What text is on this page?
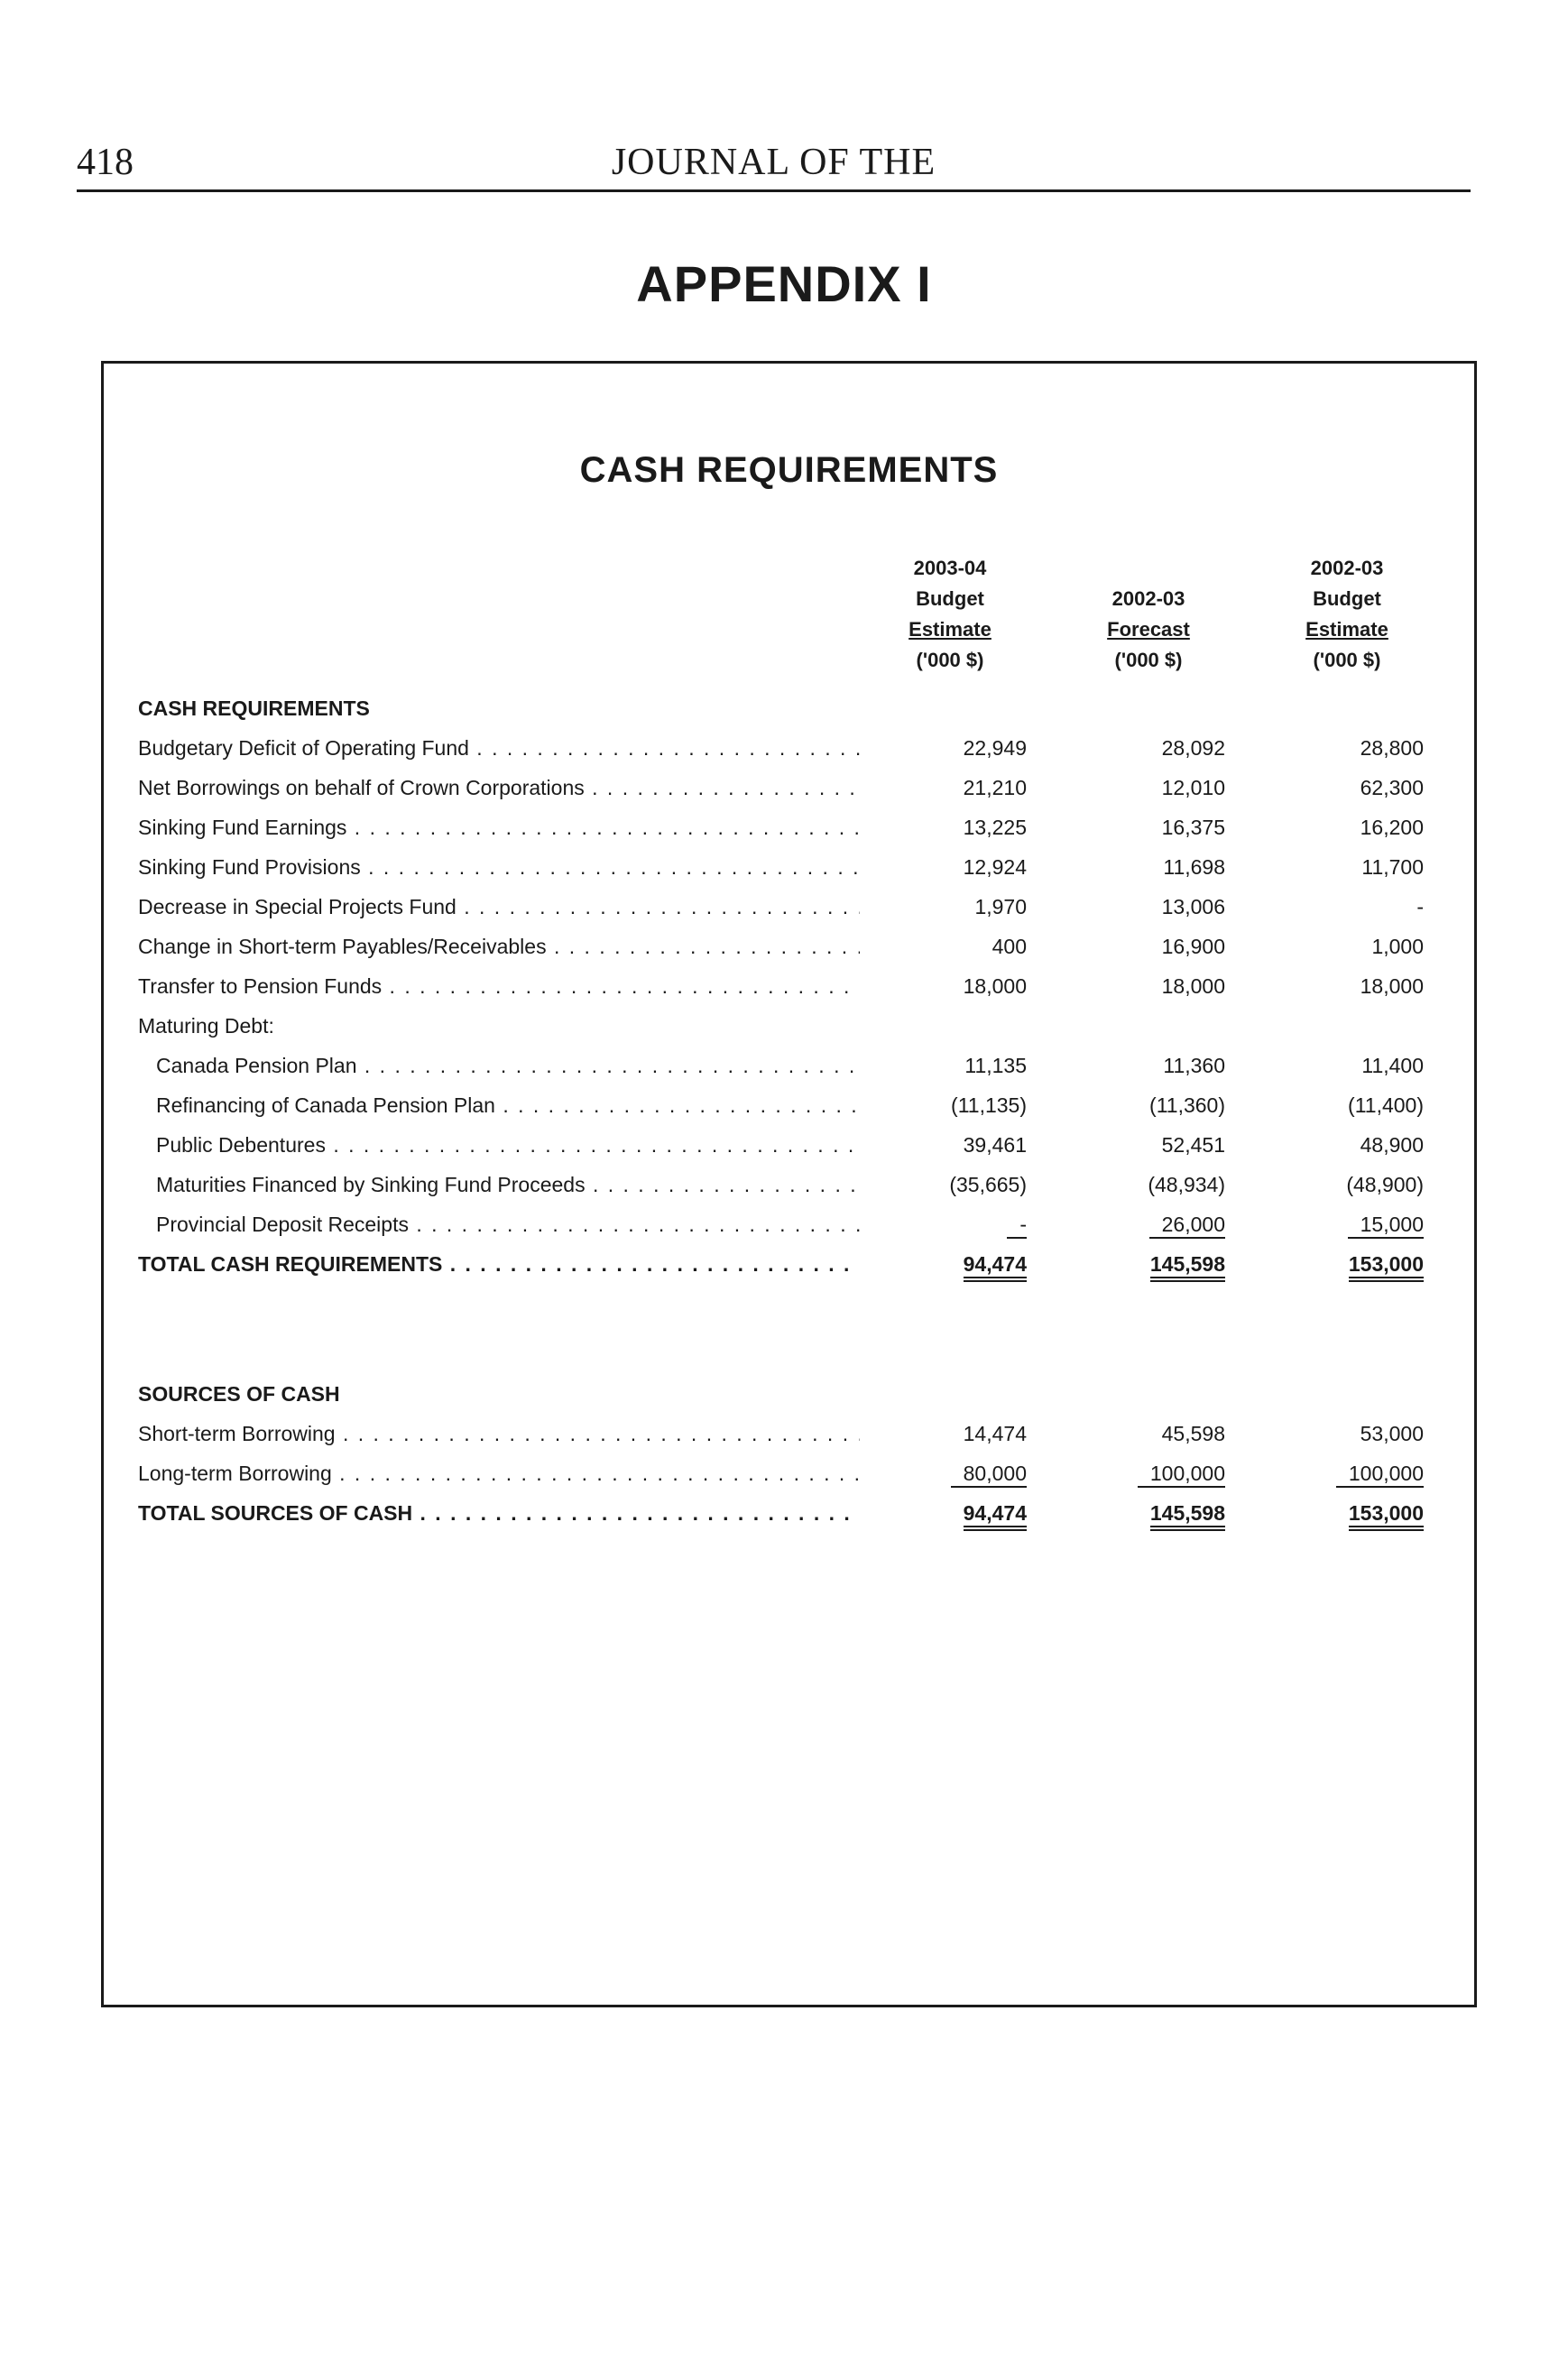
418	JOURNAL OF THE
APPENDIX I
CASH REQUIREMENTS
2003-04
Budget
Estimate
('000 $)
2002-03
Forecast
('000 $)
2002-03
Budget
Estimate
('000 $)
CASH REQUIREMENTS
Budgetary Deficit of Operating Fund . . .	22,949	28,092	28,800
Net Borrowings on behalf of Crown Corporations . . .	21,210	12,010	62,300
Sinking Fund Earnings . . .	13,225	16,375	16,200
Sinking Fund Provisions . . .	12,924	11,698	11,700
Decrease in Special Projects Fund . . .	1,970	13,006	-
Change in Short-term Payables/Receivables . . .	400	16,900	1,000
Transfer to Pension Funds . . .	18,000	18,000	18,000
Maturing Debt:
Canada Pension Plan . . .	11,135	11,360	11,400
Refinancing of Canada Pension Plan . . .	(11,135)	(11,360)	(11,400)
Public Debentures . . .	39,461	52,451	48,900
Maturities Financed by Sinking Fund Proceeds . . .	(35,665)	(48,934)	(48,900)
Provincial Deposit Receipts . . .	-	26,000	15,000
TOTAL CASH REQUIREMENTS . . .	94,474	145,598	153,000
SOURCES OF CASH
Short-term Borrowing . . .	14,474	45,598	53,000
Long-term Borrowing . . .	80,000	100,000	100,000
TOTAL SOURCES OF CASH . . .	94,474	145,598	153,000
